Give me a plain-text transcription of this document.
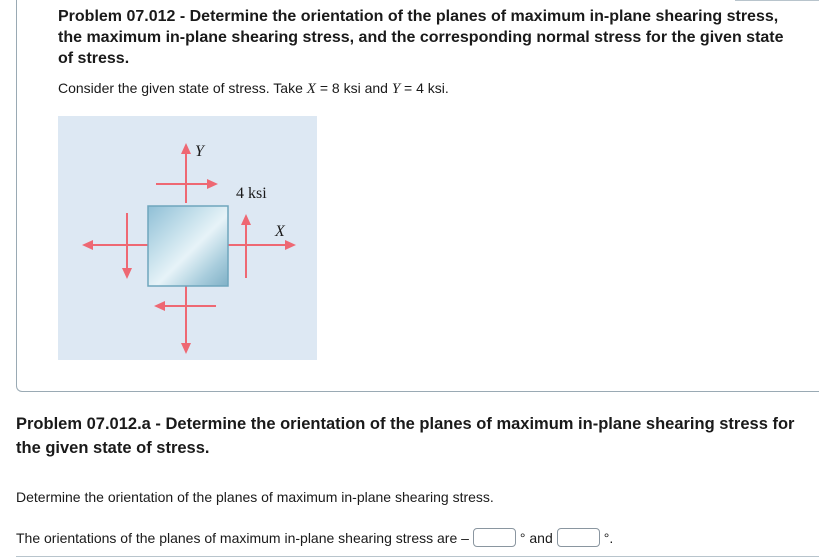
Problem 07.012 - Determine the orientation of the planes of maximum in-plane shearing stress, the maximum in-plane shearing stress, and the corresponding normal stress for the given state of stress.

Consider the given state of stress. Take X = 8 ksi and Y = 4 ksi.

Y
4 ksi
X

Problem 07.012.a - Determine the orientation of the planes of maximum in-plane shearing stress for the given state of stress.

Determine the orientation of the planes of maximum in-plane shearing stress.

The orientations of the planes of maximum in-plane shearing stress are –	° and	°.
